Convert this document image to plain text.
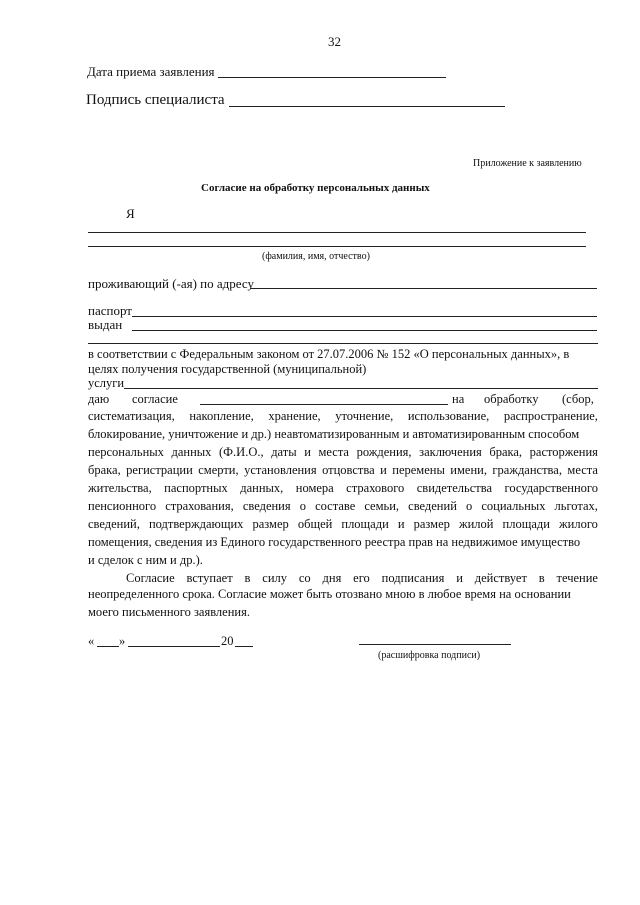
32
Дата приема заявления
Подпись специалиста
Приложение к заявлению
Согласие на обработку персональных данных
Я
(фамилия, имя, отчество)
проживающий (-ая) по адресу
паспорт
выдан
в соответствии с Федеральным законом от 27.07.2006 № 152 «О персональных данных», в
целях получения государственной (муниципальной)
услуги
даю согласие	на обработку (сбор,
систематизация, накопление, хранение, уточнение, использование, распространение,
блокирование, уничтожение и др.) неавтоматизированным и автоматизированным способом
персональных данных (Ф.И.О., даты и места рождения, заключения брака, расторжения
брака, регистрации смерти, установления отцовства и перемены имени, гражданства, места
жительства, паспортных данных, номера страхового свидетельства государственного
пенсионного страхования, сведения о составе семьи, сведений о социальных льготах,
сведений, подтверждающих размер общей площади и размер жилой площади жилого
помещения, сведения из Единого государственного реестра прав на недвижимое имущество
и сделок с ним и др.).
Согласие вступает в силу со дня его подписания и действует в течение
неопределенного срока. Согласие может быть отозвано мною в любое время на основании
моего письменного заявления.
« »	20
(расшифровка подписи)
